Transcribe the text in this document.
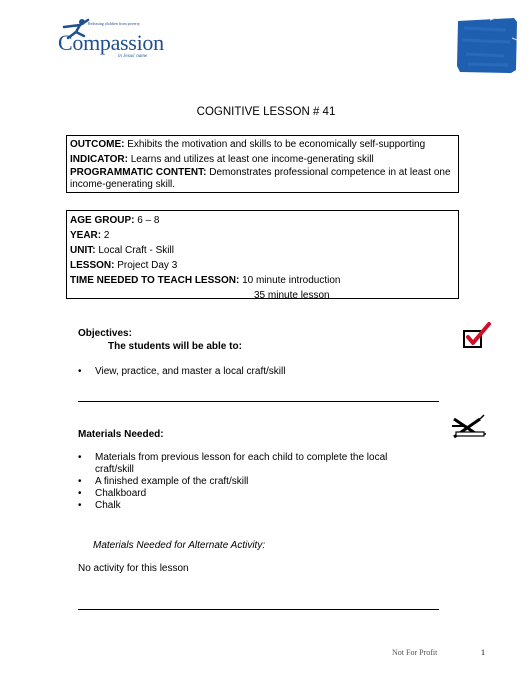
Releasing children from poverty
Compassion
in Jesus' name
COGNITIVE LESSON # 41
OUTCOME: Exhibits the motivation and skills to be economically self-supporting
INDICATOR: Learns and utilizes at least one income-generating skill
PROGRAMMATIC CONTENT: Demonstrates professional competence in at least one income-generating skill.
AGE GROUP: 6 – 8
YEAR: 2
UNIT: Local Craft - Skill
LESSON: Project Day 3
TIME NEEDED TO TEACH LESSON: 10 minute introduction
35 minute lesson
Objectives:
The students will be able to:
• View, practice, and master a local craft/skill
Materials Needed:
• Materials from previous lesson for each child to complete the local craft/skill
• A finished example of the craft/skill
• Chalkboard
• Chalk
Materials Needed for Alternate Activity:
No activity for this lesson
Not For Profit	1
